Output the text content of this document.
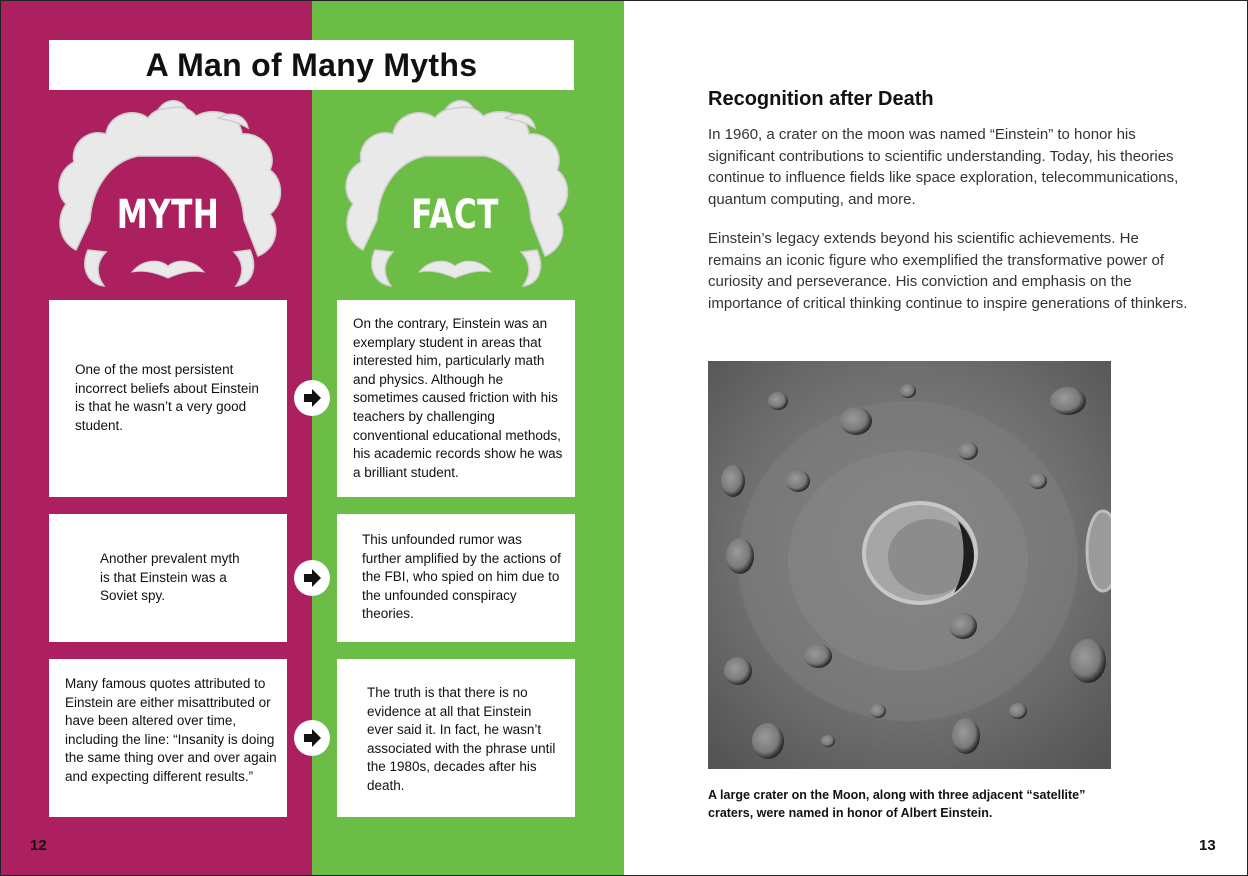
A Man of Many Myths
MYTH	FACT
One of the most persistent incorrect beliefs about Einstein is that he wasn’t a very good student.
On the contrary, Einstein was an exemplary student in areas that interested him, particularly math and physics. Although he sometimes caused friction with his teachers by challenging conventional educational methods, his academic records show he was a brilliant student.
Another prevalent myth is that Einstein was a Soviet spy.
This unfounded rumor was further amplified by the actions of the FBI, who spied on him due to the unfounded conspiracy theories.
Many famous quotes attributed to Einstein are either misattributed or have been altered over time, including the line: “Insanity is doing the same thing over and over again and expecting different results.”
The truth is that there is no evidence at all that Einstein ever said it. In fact, he wasn’t associated with the phrase until the 1980s, decades after his death.
12	13
Recognition after Death
In 1960, a crater on the moon was named “Einstein” to honor his significant contributions to scientific understanding. Today, his theories continue to influence fields like space exploration, telecommunications, quantum computing, and more.
Einstein’s legacy extends beyond his scientific achievements. He remains an iconic figure who exemplified the transformative power of curiosity and perseverance. His conviction and emphasis on the importance of critical thinking continue to inspire generations of thinkers.
A large crater on the Moon, along with three adjacent “satellite” craters, were named in honor of Albert Einstein.
